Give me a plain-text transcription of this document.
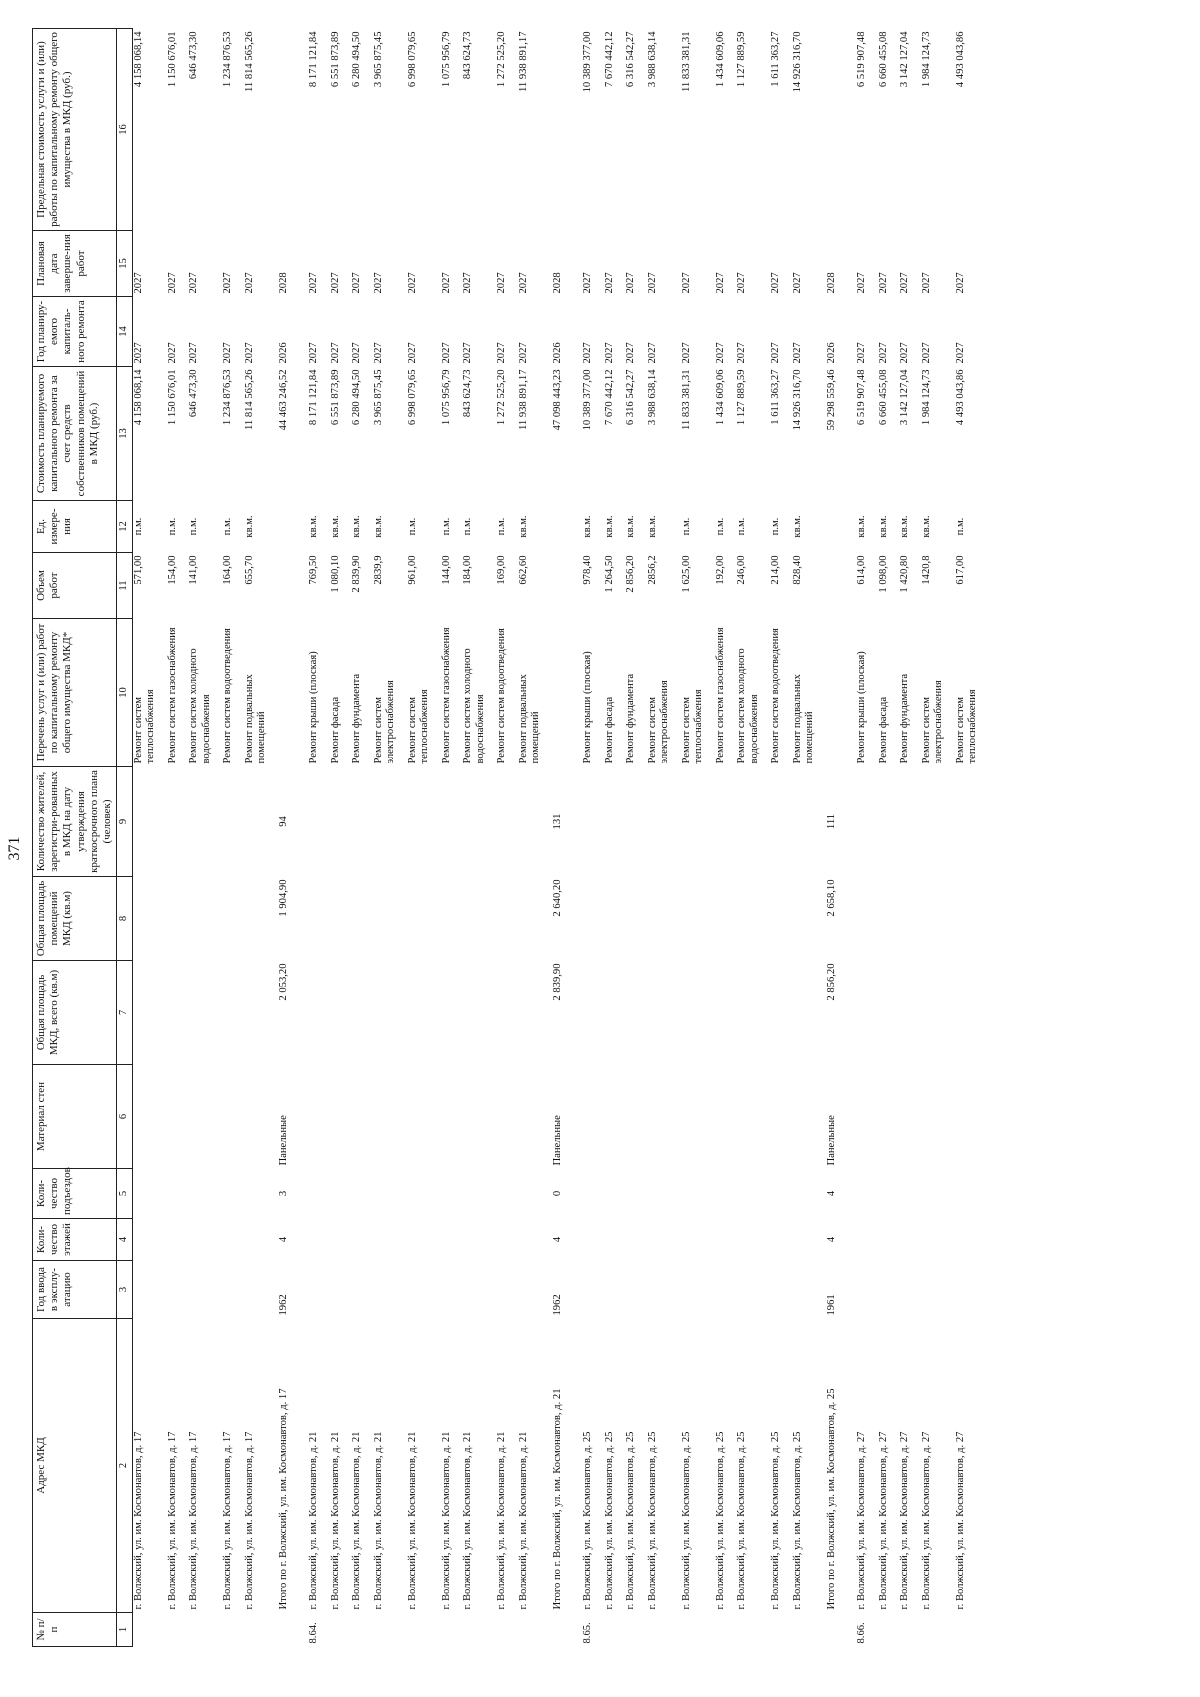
371
№ п/п	Адрес МКД	Год ввода в эксплу-атацию	Коли-чество этажей	Коли-чество подъездов	Материал стен	Общая площадь МКД, всего (кв.м)	Общая площадь помещений МКД (кв.м)	Количество жителей, зарегистри-рованных в МКД на дату утверждения краткосрочного плана (человек)	Перечень услуг и (или) работ по капитальному ремонту общего имущества МКД*	Объем работ	Ед. измере-ния	Стоимость планируемого капитального ремонта за счет средств собственников помещений в МКД (руб.)	Год планиру-емого капиталь-ного ремонта	Плановая дата заверше-ния работ	Предельная стоимость услуги и (или) работы по капитальному ремонту общего имущества в МКД (руб.)
1	2	3	4	5	6	7	8	9	10	11	12	13	14	15	16
	г. Волжский, ул. им. Космонавтов, д. 17								Ремонт систем теплоснабжения	571,00	п.м.	4 158 068,14	2027	2027	4 158 068,14

	г. Волжский, ул. им. Космонавтов, д. 17								Ремонт систем газоснабжения	154,00	п.м.	1 150 676,01	2027	2027	1 150 676,01

	г. Волжский, ул. им. Космонавтов, д. 17								Ремонт систем холодного водоснабжения	141,00	п.м.	646 473,30	2027	2027	646 473,30

	г. Волжский, ул. им. Космонавтов, д. 17								Ремонт систем водоотведения	164,00	п.м.	1 234 876,53	2027	2027	1 234 876,53

	г. Волжский, ул. им. Космонавтов, д. 17								Ремонт подвальных помещений	655,70	кв.м.	11 814 565,26	2027	2027	11 814 565,26

	Итого по г. Волжский, ул. им. Космонавтов, д. 17	1962	4	3	Панельные	2 053,20	1 904,90	94				44 463 246,52	2026	2028	

8.64.	г. Волжский, ул. им. Космонавтов, д. 21								Ремонт крыши (плоская)	769,50	кв.м.	8 171 121,84	2027	2027	8 171 121,84

	г. Волжский, ул. им. Космонавтов, д. 21								Ремонт фасада	1 080,10	кв.м.	6 551 873,89	2027	2027	6 551 873,89

	г. Волжский, ул. им. Космонавтов, д. 21								Ремонт фундамента	2 839,90	кв.м.	6 280 494,50	2027	2027	6 280 494,50

	г. Волжский, ул. им. Космонавтов, д. 21								Ремонт систем электроснабжения	2839,9	кв.м.	3 965 875,45	2027	2027	3 965 875,45

	г. Волжский, ул. им. Космонавтов, д. 21								Ремонт систем теплоснабжения	961,00	п.м.	6 998 079,65	2027	2027	6 998 079,65

	г. Волжский, ул. им. Космонавтов, д. 21								Ремонт систем газоснабжения	144,00	п.м.	1 075 956,79	2027	2027	1 075 956,79

	г. Волжский, ул. им. Космонавтов, д. 21								Ремонт систем холодного водоснабжения	184,00	п.м.	843 624,73	2027	2027	843 624,73

	г. Волжский, ул. им. Космонавтов, д. 21								Ремонт систем водоотведения	169,00	п.м.	1 272 525,20	2027	2027	1 272 525,20

	г. Волжский, ул. им. Космонавтов, д. 21								Ремонт подвальных помещений	662,60	кв.м.	11 938 891,17	2027	2027	11 938 891,17

	Итого по г. Волжский, ул. им. Космонавтов, д. 21	1962	4	0	Панельные	2 839,90	2 640,20	131				47 098 443,23	2026	2028	

8.65.	г. Волжский, ул. им. Космонавтов, д. 25								Ремонт крыши (плоская)	978,40	кв.м.	10 389 377,00	2027	2027	10 389 377,00

	г. Волжский, ул. им. Космонавтов, д. 25								Ремонт фасада	1 264,50	кв.м.	7 670 442,12	2027	2027	7 670 442,12

	г. Волжский, ул. им. Космонавтов, д. 25								Ремонт фундамента	2 856,20	кв.м.	6 316 542,27	2027	2027	6 316 542,27

	г. Волжский, ул. им. Космонавтов, д. 25								Ремонт систем электроснабжения	2856,2	кв.м.	3 988 638,14	2027	2027	3 988 638,14

	г. Волжский, ул. им. Космонавтов, д. 25								Ремонт систем теплоснабжения	1 625,00	п.м.	11 833 381,31	2027	2027	11 833 381,31

	г. Волжский, ул. им. Космонавтов, д. 25								Ремонт систем газоснабжения	192,00	п.м.	1 434 609,06	2027	2027	1 434 609,06

	г. Волжский, ул. им. Космонавтов, д. 25								Ремонт систем холодного водоснабжения	246,00	п.м.	1 127 889,59	2027	2027	1 127 889,59

	г. Волжский, ул. им. Космонавтов, д. 25								Ремонт систем водоотведения	214,00	п.м.	1 611 363,27	2027	2027	1 611 363,27

	г. Волжский, ул. им. Космонавтов, д. 25								Ремонт подвальных помещений	828,40	кв.м.	14 926 316,70	2027	2027	14 926 316,70

	Итого по г. Волжский, ул. им. Космонавтов, д. 25	1961	4	4	Панельные	2 856,20	2 658,10	111				59 298 559,46	2026	2028	

8.66.	г. Волжский, ул. им. Космонавтов, д. 27								Ремонт крыши (плоская)	614,00	кв.м.	6 519 907,48	2027	2027	6 519 907,48

	г. Волжский, ул. им. Космонавтов, д. 27								Ремонт фасада	1 098,00	кв.м.	6 660 455,08	2027	2027	6 660 455,08

	г. Волжский, ул. им. Космонавтов, д. 27								Ремонт фундамента	1 420,80	кв.м.	3 142 127,04	2027	2027	3 142 127,04

	г. Волжский, ул. им. Космонавтов, д. 27								Ремонт систем электроснабжения	1420,8	кв.м.	1 984 124,73	2027	2027	1 984 124,73

	г. Волжский, ул. им. Космонавтов, д. 27								Ремонт систем теплоснабжения	617,00	п.м.	4 493 043,86	2027	2027	4 493 043,86
